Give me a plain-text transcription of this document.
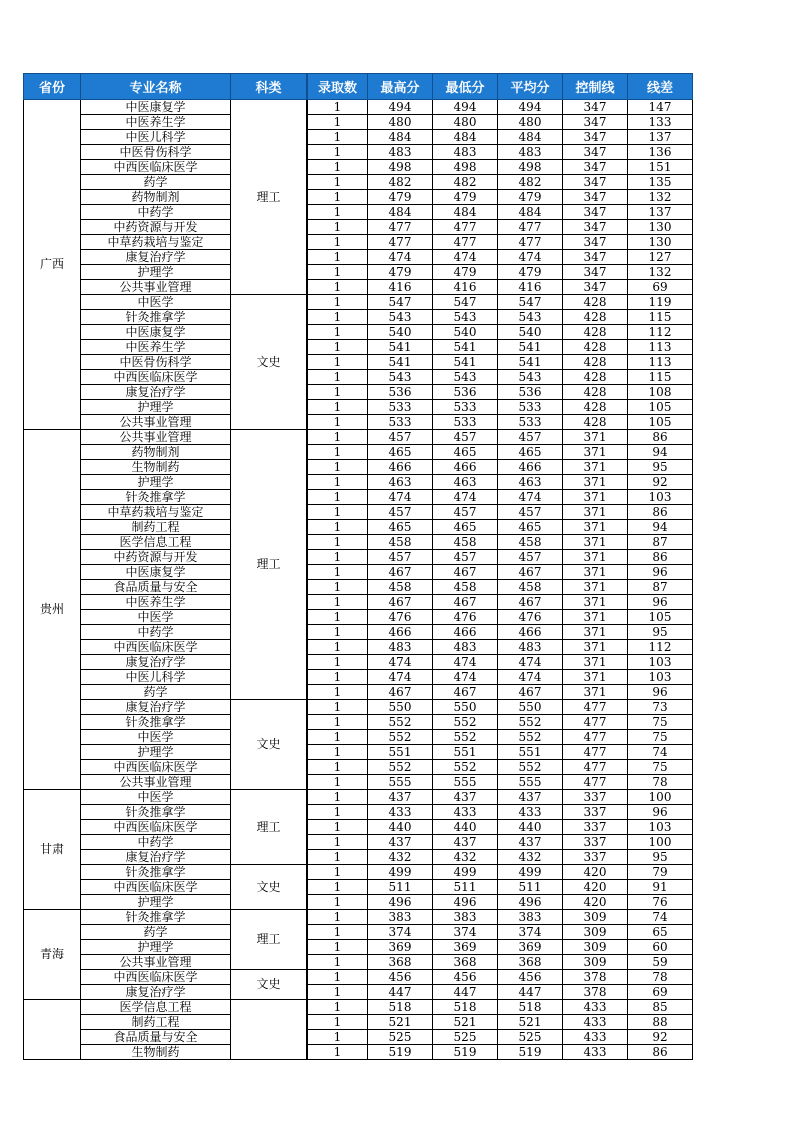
省份	专业名称	科类		录取数	最高分	最低分	平均分	控制线	线差
广西	中医康复学	理工		1	494	494	494	347	147
	中医养生学		1	480	480	480	347	133
	中医儿科学		1	484	484	484	347	137
	中医骨伤科学		1	483	483	483	347	136
	中西医临床医学		1	498	498	498	347	151
	药学		1	482	482	482	347	135
	药物制剂		1	479	479	479	347	132
	中药学		1	484	484	484	347	137
	中药资源与开发		1	477	477	477	347	130
	中草药栽培与鉴定		1	477	477	477	347	130
	康复治疗学		1	474	474	474	347	127
	护理学		1	479	479	479	347	132
	公共事业管理		1	416	416	416	347	69
	中医学	文史		1	547	547	547	428	119
	针灸推拿学		1	543	543	543	428	115
	中医康复学		1	540	540	540	428	112
	中医养生学		1	541	541	541	428	113
	中医骨伤科学		1	541	541	541	428	113
	中西医临床医学		1	543	543	543	428	115
	康复治疗学		1	536	536	536	428	108
	护理学		1	533	533	533	428	105
	公共事业管理		1	533	533	533	428	105
贵州	公共事业管理	理工		1	457	457	457	371	86
	药物制剂		1	465	465	465	371	94
	生物制药		1	466	466	466	371	95
	护理学		1	463	463	463	371	92
	针灸推拿学		1	474	474	474	371	103
	中草药栽培与鉴定		1	457	457	457	371	86
	制药工程		1	465	465	465	371	94
	医学信息工程		1	458	458	458	371	87
	中药资源与开发		1	457	457	457	371	86
	中医康复学		1	467	467	467	371	96
	食品质量与安全		1	458	458	458	371	87
	中医养生学		1	467	467	467	371	96
	中医学		1	476	476	476	371	105
	中药学		1	466	466	466	371	95
	中西医临床医学		1	483	483	483	371	112
	康复治疗学		1	474	474	474	371	103
	中医儿科学		1	474	474	474	371	103
	药学		1	467	467	467	371	96
	康复治疗学	文史		1	550	550	550	477	73
	针灸推拿学		1	552	552	552	477	75
	中医学		1	552	552	552	477	75
	护理学		1	551	551	551	477	74
	中西医临床医学		1	552	552	552	477	75
	公共事业管理		1	555	555	555	477	78
甘肃	中医学	理工		1	437	437	437	337	100
	针灸推拿学		1	433	433	433	337	96
	中西医临床医学		1	440	440	440	337	103
	中药学		1	437	437	437	337	100
	康复治疗学		1	432	432	432	337	95
	针灸推拿学	文史		1	499	499	499	420	79
	中西医临床医学		1	511	511	511	420	91
	护理学		1	496	496	496	420	76
青海	针灸推拿学	理工		1	383	383	383	309	74
	药学		1	374	374	374	309	65
	护理学		1	369	369	369	309	60
	公共事业管理		1	368	368	368	309	59
	中西医临床医学	文史		1	456	456	456	378	78
	康复治疗学		1	447	447	447	378	69
	医学信息工程			1	518	518	518	433	85
	制药工程		1	521	521	521	433	88
	食品质量与安全		1	525	525	525	433	92
	生物制药		1	519	519	519	433	86
